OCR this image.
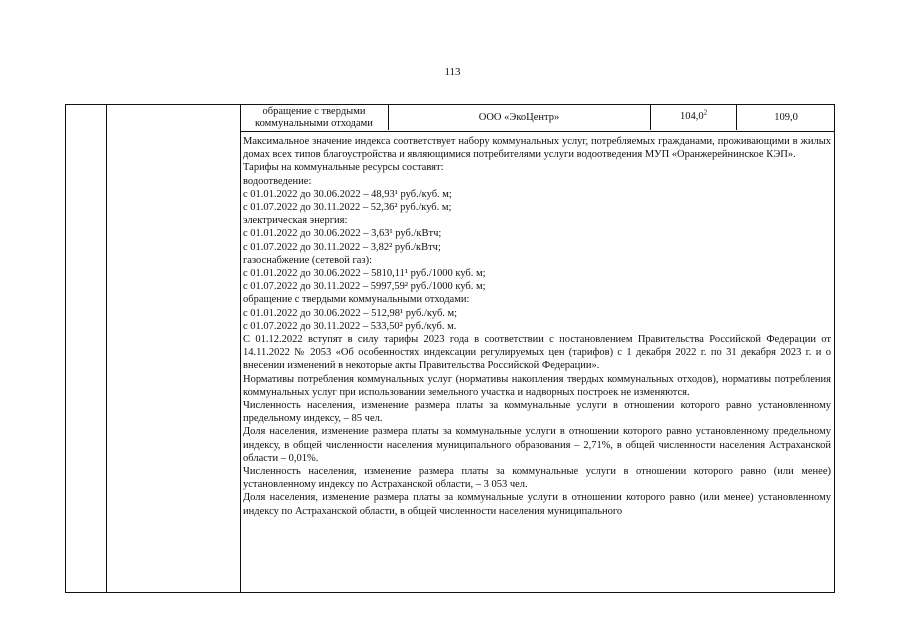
113
обращение с твердыми коммунальными отходами
ООО «ЭкоЦентр»	104,0$^2$	109,0
Максимальное значение индекса соответствует набору коммунальных услуг, потребляемых гражданами, проживающими в жилых домах всех типов благоустройства и являющимися потребителями услуги водоотведения МУП «Оранжерейнинское КЭП».
Тарифы на коммунальные ресурсы составят:
водоотведение:
с 01.01.2022 до 30.06.2022 – 48,93¹ руб./куб. м;
с 01.07.2022 до 30.11.2022 – 52,36² руб./куб. м;
электрическая энергия:
с 01.01.2022 до 30.06.2022 – 3,63¹ руб./кВтч;
с 01.07.2022 до 30.11.2022 – 3,82² руб./кВтч;
газоснабжение (сетевой газ):
с 01.01.2022 до 30.06.2022 – 5810,11¹ руб./1000 куб. м;
с 01.07.2022 до 30.11.2022 – 5997,59² руб./1000 куб. м;
обращение с твердыми коммунальными отходами:
с 01.01.2022 до 30.06.2022 – 512,98¹ руб./куб. м;
с 01.07.2022 до 30.11.2022 – 533,50² руб./куб. м.
С 01.12.2022 вступят в силу тарифы 2023 года в соответствии с постановлением Правительства Российской Федерации от 14.11.2022 № 2053 «Об особенностях индексации регулируемых цен (тарифов) с 1 декабря 2022 г. по 31 декабря 2023 г. и о внесении изменений в некоторые акты Правительства Российской Федерации».
Нормативы потребления коммунальных услуг (нормативы накопления твердых коммунальных отходов), нормативы потребления коммунальных услуг при использовании земельного участка и надворных построек не изменяются.
Численность населения, изменение размера платы за коммунальные услуги в отношении которого равно установленному предельному индексу, – 85 чел.
Доля населения, изменение размера платы за коммунальные услуги в отношении которого равно установленному предельному индексу, в общей численности населения муниципального образования – 2,71%, в общей численности населения Астраханской области – 0,01%.
Численность населения, изменение размера платы за коммунальные услуги в отношении которого равно (или менее) установленному индексу по Астраханской области, – 3 053 чел.
Доля населения, изменение размера платы за коммунальные услуги в отношении которого равно (или менее) установленному индексу по Астраханской области, в общей численности населения муниципального
